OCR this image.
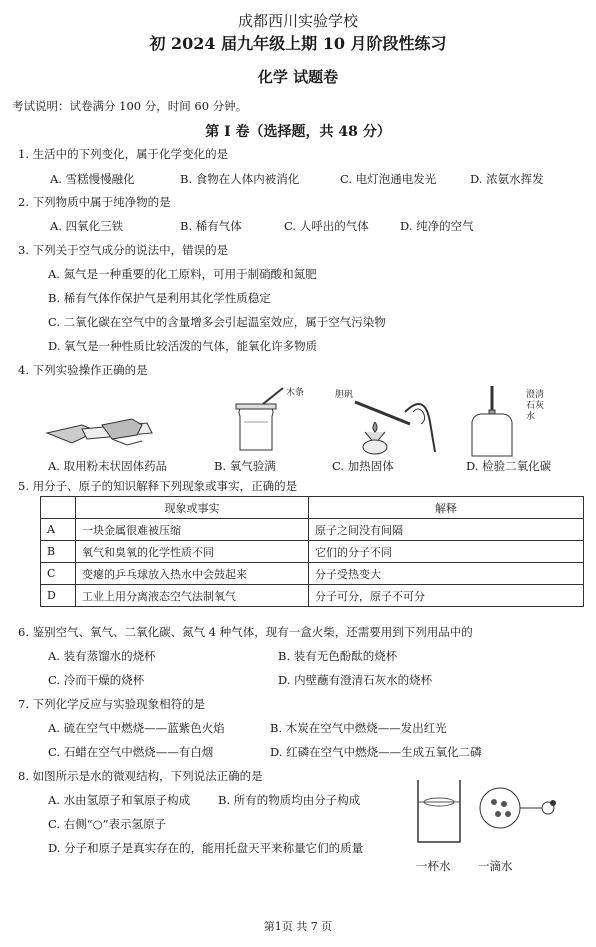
成都西川实验学校
初 2024 届九年级上期 10 月阶段性练习
化学 试题卷
考试说明：试卷满分 100 分，时间 60 分钟。
第 I 卷（选择题，共 48 分）
1. 生活中的下列变化，属于化学变化的是
A. 雪糕慢慢融化	B. 食物在人体内被消化	C. 电灯泡通电发光	D. 浓氨水挥发
2. 下列物质中属于纯净物的是
A. 四氧化三铁	B. 稀有气体	C. 人呼出的气体	D. 纯净的空气
3. 下列关于空气成分的说法中，错误的是
A. 氮气是一种重要的化工原料，可用于制硝酸和氮肥
B. 稀有气体作保护气是利用其化学性质稳定
C. 二氧化碳在空气中的含量增多会引起温室效应，属于空气污染物
D. 氧气是一种性质比较活泼的气体，能氧化许多物质
4. 下列实验操作正确的是
木条	胆矾	澄清
石灰
水
A. 取用粉末状固体药品	B. 氧气验满	C. 加热固体	D. 检验二氧化碳
5. 用分子、原子的知识解释下列现象或事实，正确的是
	现象或事实	解释
A	一块金属很难被压缩	原子之间没有间隔
B	氧气和臭氧的化学性质不同	它们的分子不同
C	变瘪的乒乓球放入热水中会鼓起来	分子受热变大
D	工业上用分离液态空气法制氧气	分子可分，原子不可分
6. 鉴别空气、氧气、二氧化碳、氮气 4 种气体，现有一盒火柴，还需要用到下列用品中的
A. 装有蒸馏水的烧杯	B. 装有无色酚酞的烧杯
C. 冷而干燥的烧杯	D. 内壁蘸有澄清石灰水的烧杯
7. 下列化学反应与实验现象相符的是
A. 硫在空气中燃烧——蓝紫色火焰	B. 木炭在空气中燃烧——发出红光
C. 石蜡在空气中燃烧——有白烟	D. 红磷在空气中燃烧——生成五氧化二磷
8. 如图所示是水的微观结构，下列说法正确的是
A. 水由氢原子和氧原子构成 B. 所有的物质均由分子构成
C. 右侧“○”表示氢原子
D. 分子和原子是真实存在的，能用托盘天平来称量它们的质量
一杯水 一滴水
第1页 共 7 页
